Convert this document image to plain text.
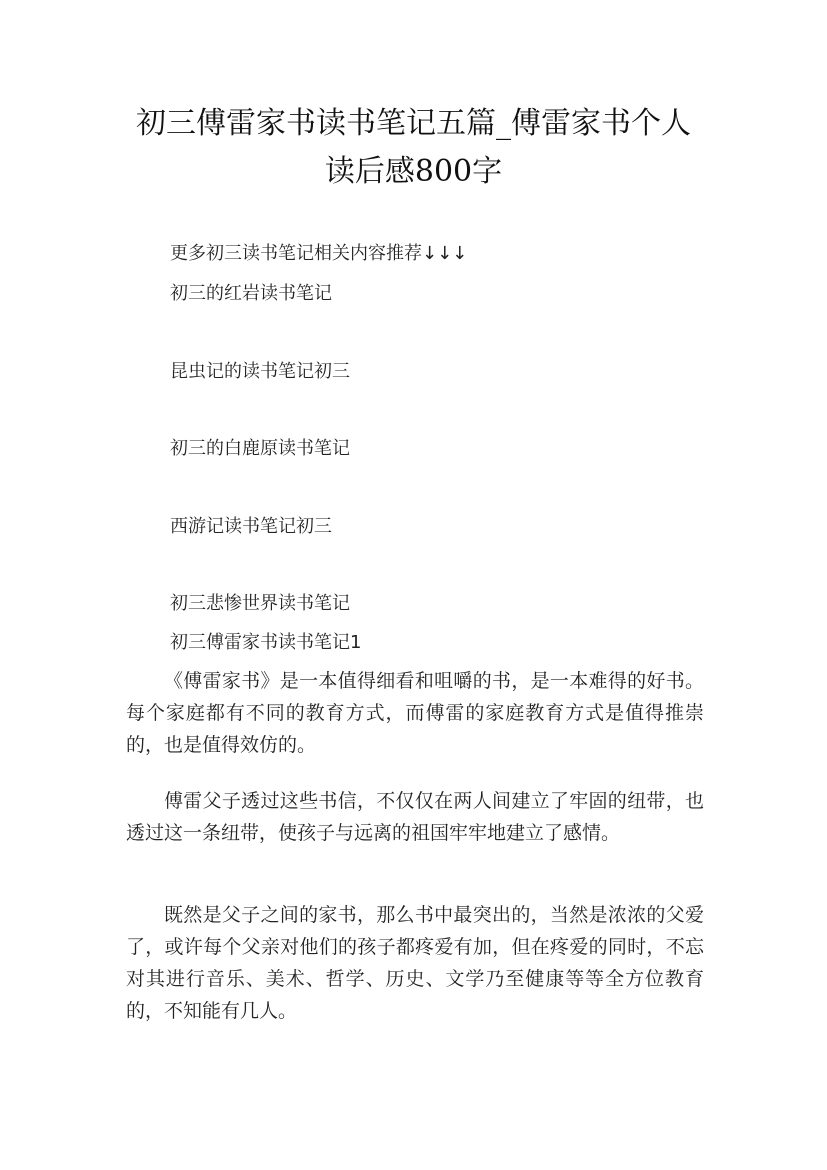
初三傅雷家书读书笔记五篇_傅雷家书个人
读后感800字
更多初三读书笔记相关内容推荐↓↓↓
初三的红岩读书笔记
昆虫记的读书笔记初三
初三的白鹿原读书笔记
西游记读书笔记初三
初三悲惨世界读书笔记
初三傅雷家书读书笔记1

《傅雷家书》是一本值得细看和咀嚼的书，是一本难得的好书。每个家庭都有不同的教育方式，而傅雷的家庭教育方式是值得推崇的，也是值得效仿的。

傅雷父子透过这些书信，不仅仅在两人间建立了牢固的纽带，也透过这一条纽带，使孩子与远离的祖国牢牢地建立了感情。

既然是父子之间的家书，那么书中最突出的，当然是浓浓的父爱了，或许每个父亲对他们的孩子都疼爱有加，但在疼爱的同时，不忘对其进行音乐、美术、哲学、历史、文学乃至健康等等全方位教育的，不知能有几人。
